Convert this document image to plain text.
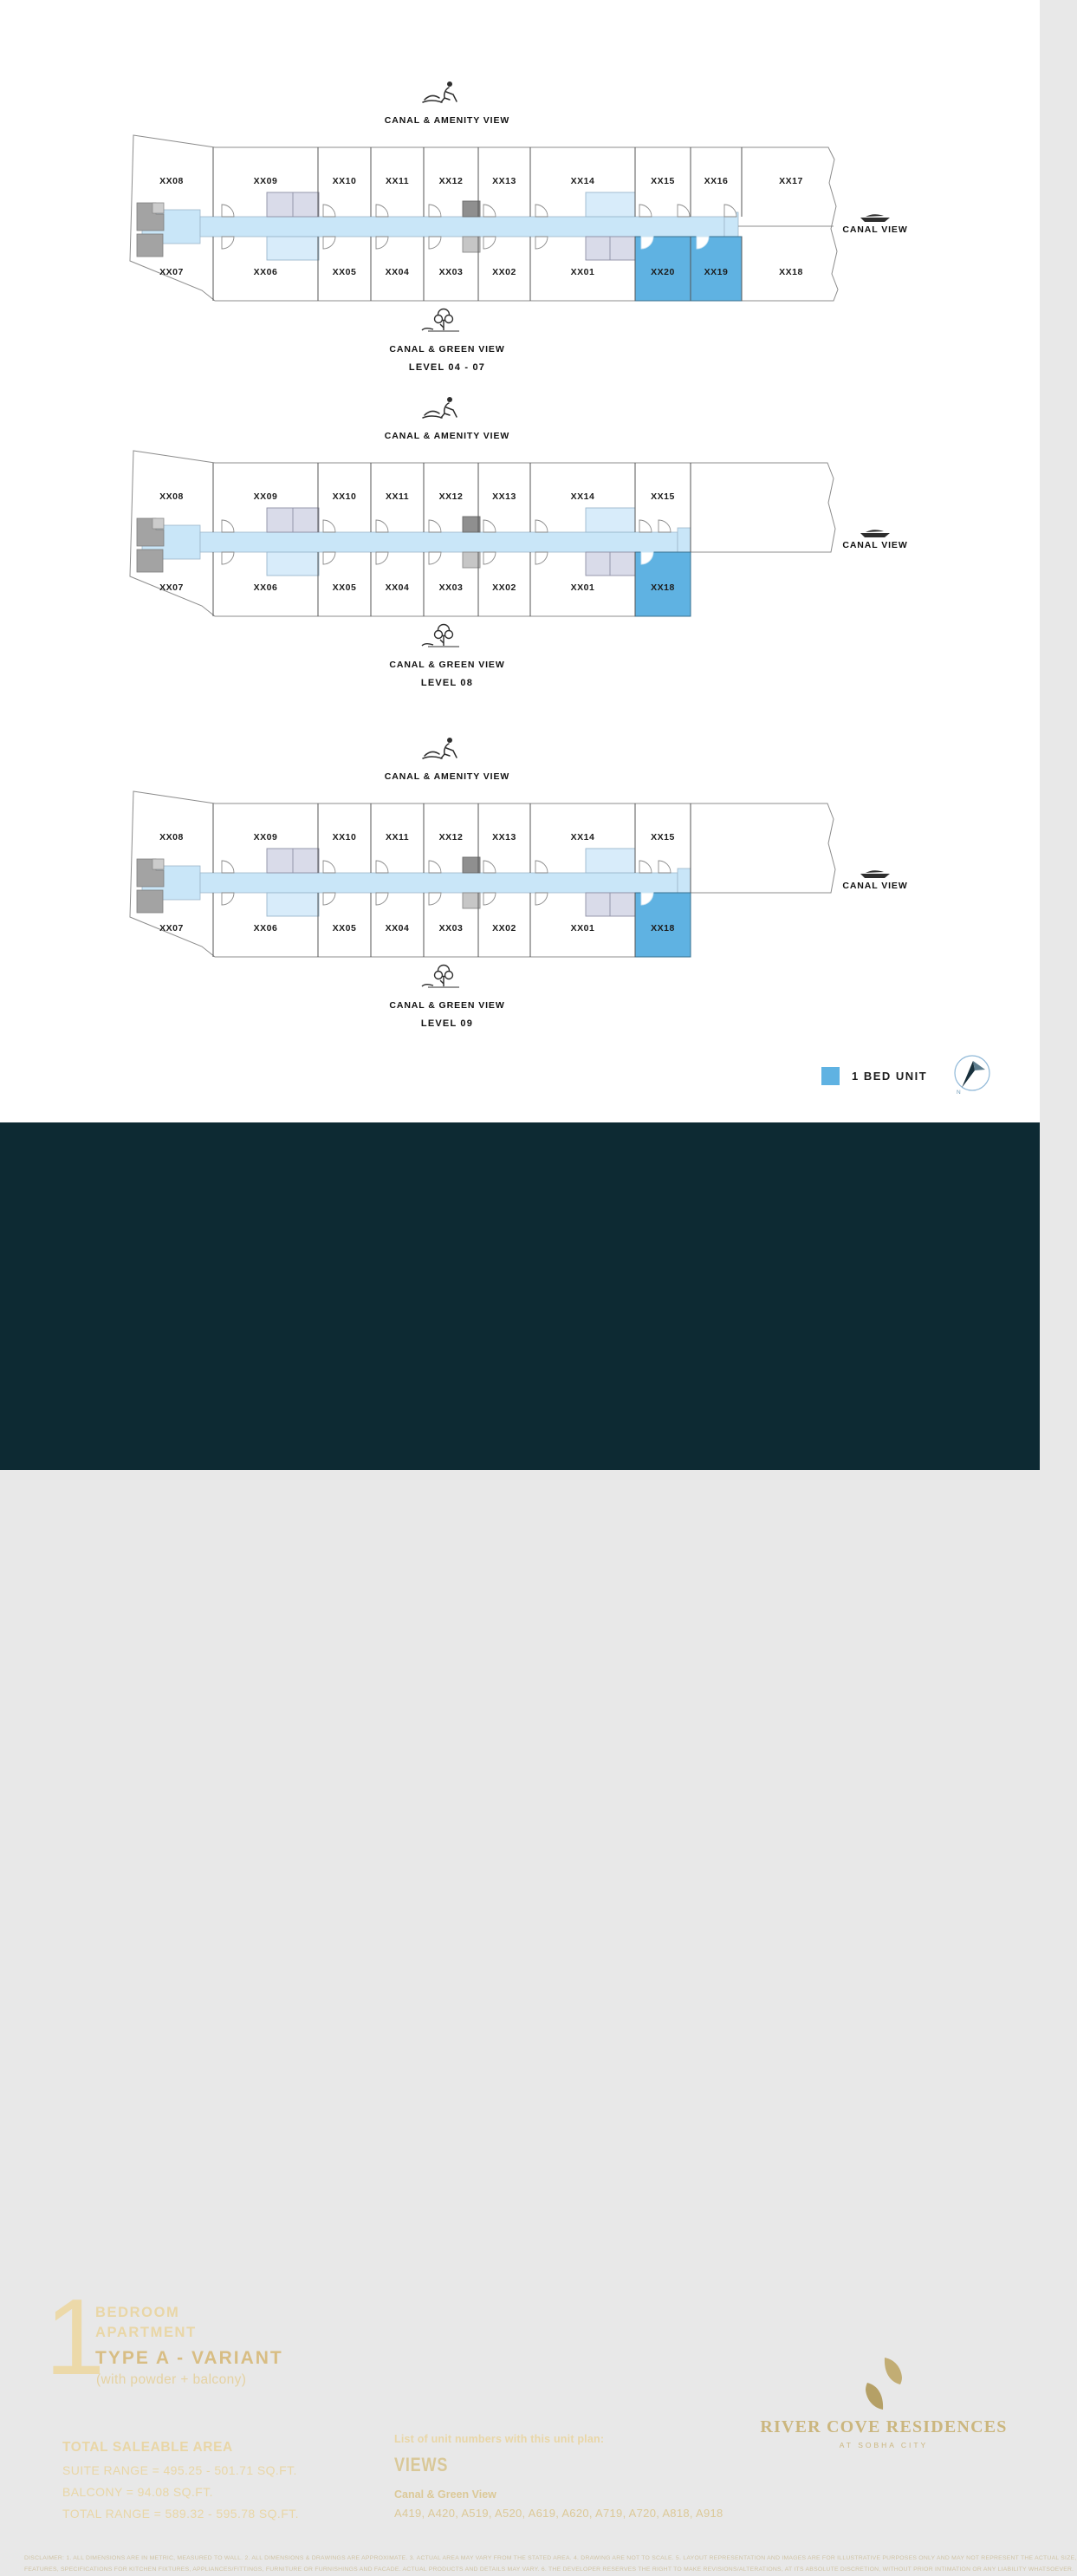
XX08	XX09	XX10	XX11	XX12	XX13	XX14	XX15	XX16	XX17
XX07	XX06	XX05	XX04	XX03	XX02	XX01	XX20	XX19	XX18
CANAL & AMENITY VIEW
CANAL VIEW
CANAL & GREEN VIEW
LEVEL 04 - 07
XX08	XX09	XX10	XX11	XX12	XX13	XX14	XX15
XX07	XX06	XX05	XX04	XX03	XX02	XX01	XX18
CANAL & AMENITY VIEW
CANAL VIEW
CANAL & GREEN VIEW
LEVEL 08
XX08	XX09	XX10	XX11	XX12	XX13	XX14	XX15
XX07	XX06	XX05	XX04	XX03	XX02	XX01	XX18
CANAL & AMENITY VIEW
CANAL VIEW
CANAL & GREEN VIEW
LEVEL 09
1 BED UNIT
N
1
BEDROOM
APARTMENT
TYPE A - VARIANT
(with powder + balcony)
TOTAL SALEABLE AREA
SUITE RANGE = 495.25 - 501.71 SQ.FT.
BALCONY = 94.08 SQ.FT.
TOTAL RANGE = 589.32 - 595.78 SQ.FT.
List of unit numbers with this unit plan:
VIEWS
Canal & Green View
A419, A420, A519, A520, A619, A620, A719, A720, A818, A918
RIVER COVE RESIDENCES
AT SOBHA CITY
DISCLAIMER: 1. ALL DIMENSIONS ARE IN METRIC, MEASURED TO WALL. 2. ALL DIMENSIONS & DRAWINGS ARE APPROXIMATE. 3. ACTUAL AREA MAY VARY FROM THE STATED AREA. 4. DRAWING ARE NOT TO SCALE. 5. LAYOUT REPRESENTATION AND IMAGES ARE FOR ILLUSTRATIVE PURPOSES ONLY AND MAY NOT REPRESENT THE ACTUAL SIZE,
FEATURES, SPECIFICATIONS FOR KITCHEN FIXTURES, APPLIANCES/FITTINGS, FURNITURE OR FURNISHINGS AND FACADE. ACTUAL PRODUCTS AND DETAILS MAY VARY. 6. THE DEVELOPER RESERVES THE RIGHT TO MAKE REVISIONS/ALTERATIONS, AT ITS ABSOLUTE DISCRETION, WITHOUT PRIOR INTIMATION OR ANY LIABILITY WHATSOEVER.
